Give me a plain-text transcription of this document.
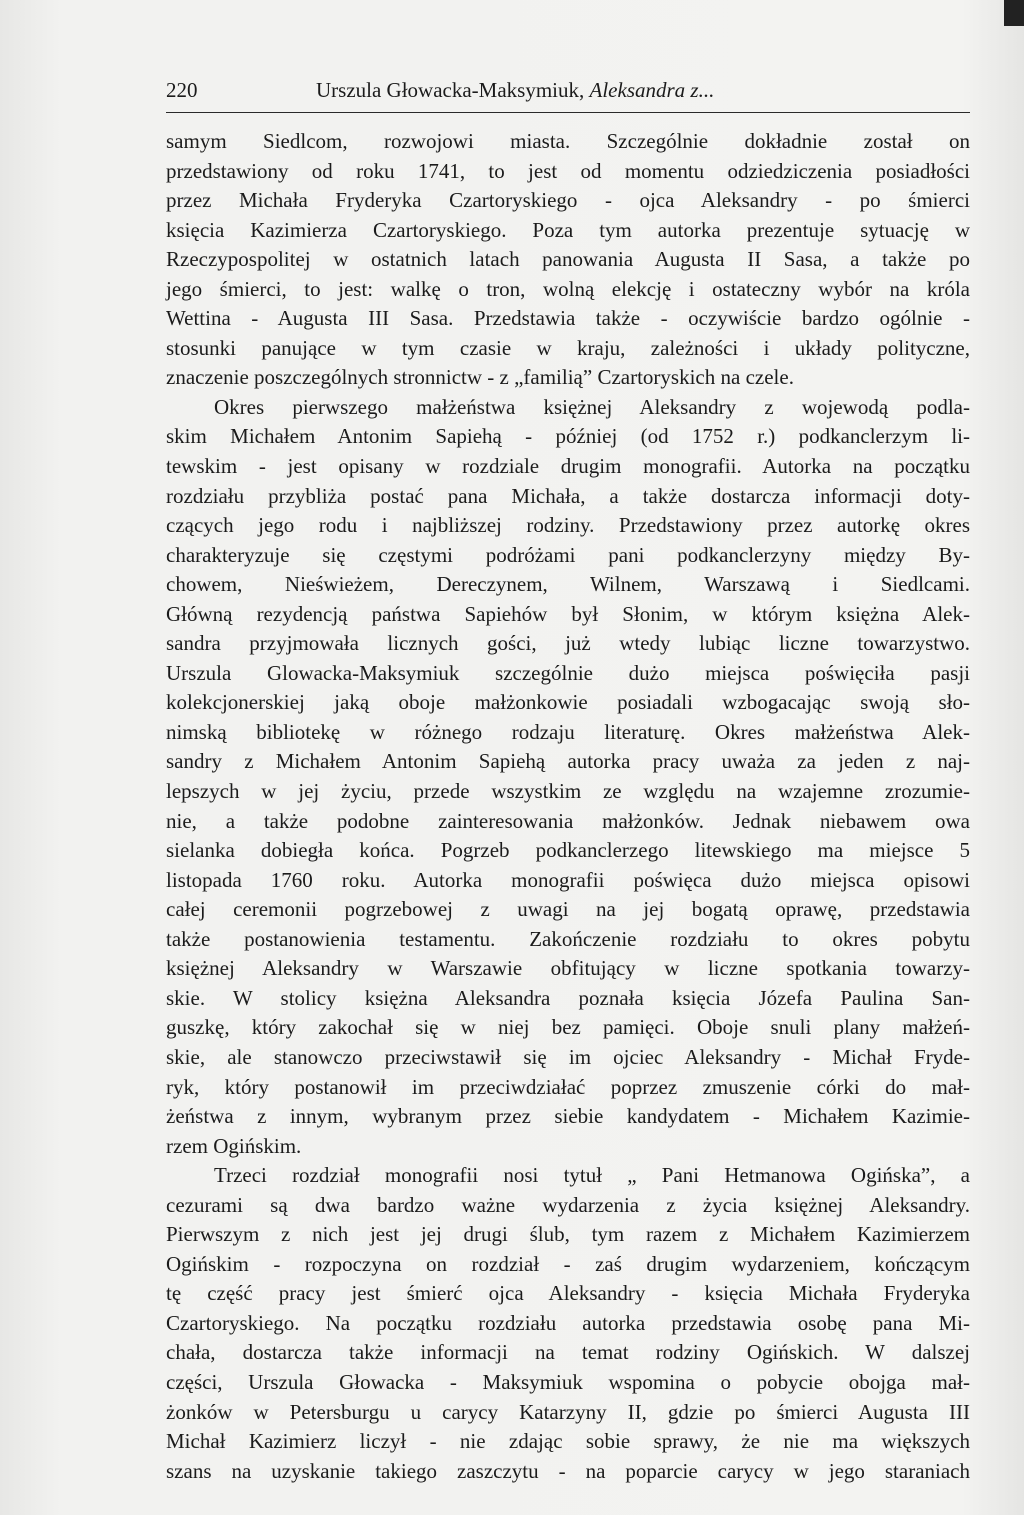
220	Urszula Głowacka-Maksymiuk, Aleksandra z...
samym Siedlcom, rozwojowi miasta. Szczególnie dokładnie został on
przedstawiony od roku 1741, to jest od momentu odziedziczenia posiadłości
przez Michała Fryderyka Czartoryskiego - ojca Aleksandry - po śmierci
księcia Kazimierza Czartoryskiego. Poza tym autorka prezentuje sytuację w
Rzeczypospolitej w ostatnich latach panowania Augusta II Sasa, a także po
jego śmierci, to jest: walkę o tron, wolną elekcję i ostateczny wybór na króla
Wettina - Augusta III Sasa. Przedstawia także - oczywiście bardzo ogólnie -
stosunki panujące w tym czasie w kraju, zależności i układy polityczne,
znaczenie poszczególnych stronnictw - z „familią” Czartoryskich na czele.
Okres pierwszego małżeństwa księżnej Aleksandry z wojewodą podla-
skim Michałem Antonim Sapiehą - później (od 1752 r.) podkanclerzym li-
tewskim - jest opisany w rozdziale drugim monografii. Autorka na początku
rozdziału przybliża postać pana Michała, a także dostarcza informacji doty-
czących jego rodu i najbliższej rodziny. Przedstawiony przez autorkę okres
charakteryzuje się częstymi podróżami pani podkanclerzyny między By-
chowem, Nieświeżem, Dereczynem, Wilnem, Warszawą i Siedlcami.
Główną rezydencją państwa Sapiehów był Słonim, w którym księżna Alek-
sandra przyjmowała licznych gości, już wtedy lubiąc liczne towarzystwo.
Urszula Glowacka-Maksymiuk szczególnie dużo miejsca poświęciła pasji
kolekcjonerskiej jaką oboje małżonkowie posiadali wzbogacając swoją sło-
nimską bibliotekę w różnego rodzaju literaturę. Okres małżeństwa Alek-
sandry z Michałem Antonim Sapiehą autorka pracy uważa za jeden z naj-
lepszych w jej życiu, przede wszystkim ze względu na wzajemne zrozumie-
nie, a także podobne zainteresowania małżonków. Jednak niebawem owa
sielanka dobiegła końca. Pogrzeb podkanclerzego litewskiego ma miejsce 5
listopada 1760 roku. Autorka monografii poświęca dużo miejsca opisowi
całej ceremonii pogrzebowej z uwagi na jej bogatą oprawę, przedstawia
także postanowienia testamentu. Zakończenie rozdziału to okres pobytu
księżnej Aleksandry w Warszawie obfitujący w liczne spotkania towarzy-
skie. W stolicy księżna Aleksandra poznała księcia Józefa Paulina San-
guszkę, który zakochał się w niej bez pamięci. Oboje snuli plany małżeń-
skie, ale stanowczo przeciwstawił się im ojciec Aleksandry - Michał Fryde-
ryk, który postanowił im przeciwdziałać poprzez zmuszenie córki do mał-
żeństwa z innym, wybranym przez siebie kandydatem - Michałem Kazimie-
rzem Ogińskim.
Trzeci rozdział monografii nosi tytuł „ Pani Hetmanowa Ogińska”, a
cezurami są dwa bardzo ważne wydarzenia z życia księżnej Aleksandry.
Pierwszym z nich jest jej drugi ślub, tym razem z Michałem Kazimierzem
Ogińskim - rozpoczyna on rozdział - zaś drugim wydarzeniem, kończącym
tę część pracy jest śmierć ojca Aleksandry - księcia Michała Fryderyka
Czartoryskiego. Na początku rozdziału autorka przedstawia osobę pana Mi-
chała, dostarcza także informacji na temat rodziny Ogińskich. W dalszej
części, Urszula Głowacka - Maksymiuk wspomina o pobycie obojga mał-
żonków w Petersburgu u carycy Katarzyny II, gdzie po śmierci Augusta III
Michał Kazimierz liczył - nie zdając sobie sprawy, że nie ma większych
szans na uzyskanie takiego zaszczytu - na poparcie carycy w jego staraniach
